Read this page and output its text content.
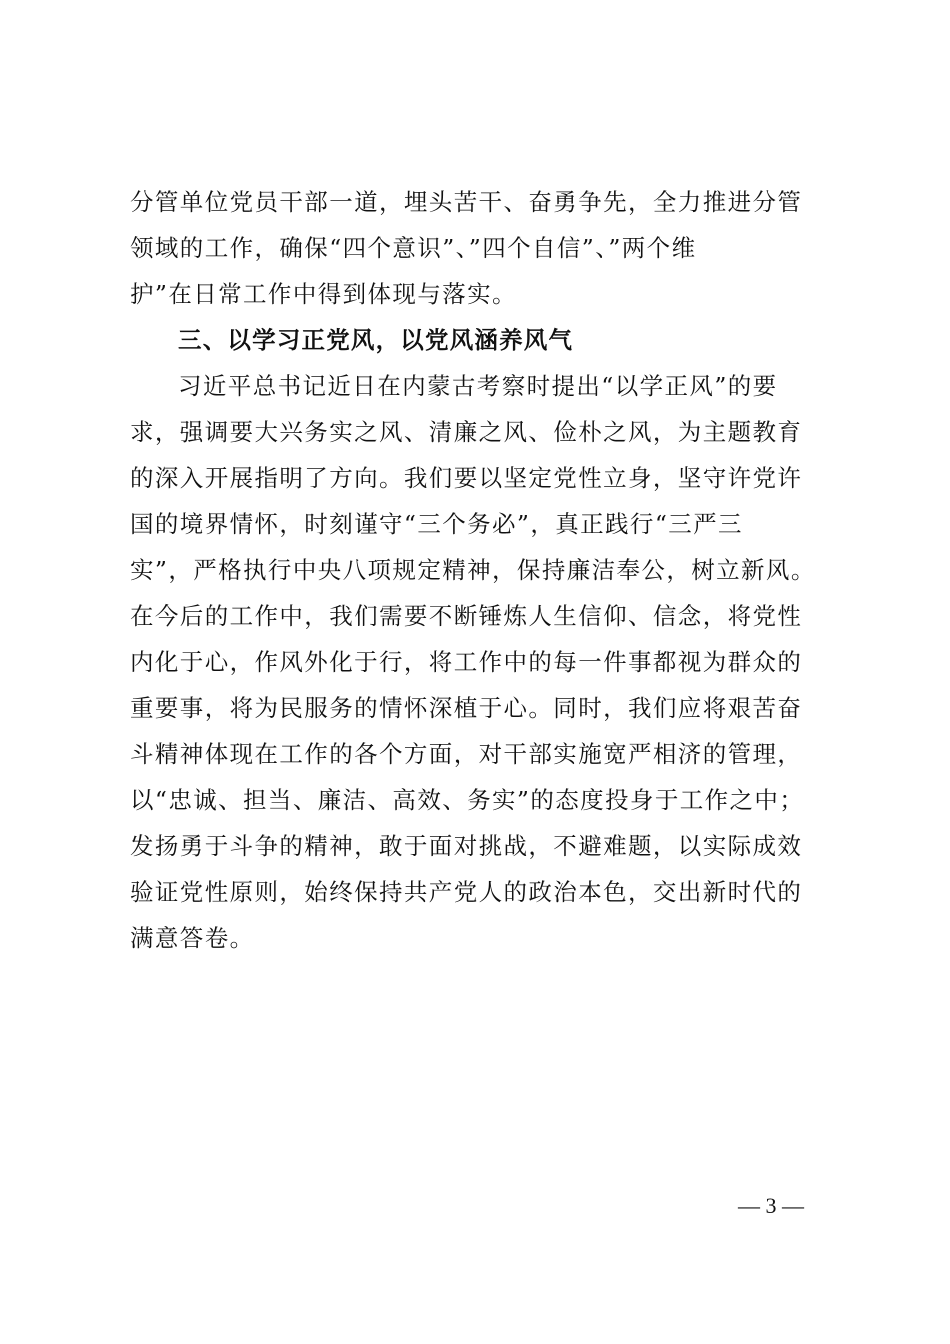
分管单位党员干部一道，埋头苦干、奋勇争先，全力推进分管
领域的工作，确保“四个意识”、”四个自信”、”两个维
护”在日常工作中得到体现与落实。
三、以学习正党风，以党风涵养风气
习近平总书记近日在内蒙古考察时提出“以学正风”的要
求，强调要大兴务实之风、清廉之风、俭朴之风，为主题教育
的深入开展指明了方向。我们要以坚定党性立身，坚守许党许
国的境界情怀，时刻谨守“三个务必”，真正践行“三严三
实”，严格执行中央八项规定精神，保持廉洁奉公，树立新风。
在今后的工作中，我们需要不断锤炼人生信仰、信念，将党性
内化于心，作风外化于行，将工作中的每一件事都视为群众的
重要事，将为民服务的情怀深植于心。同时，我们应将艰苦奋
斗精神体现在工作的各个方面，对干部实施宽严相济的管理，
以“忠诚、担当、廉洁、高效、务实”的态度投身于工作之中；
发扬勇于斗争的精神，敢于面对挑战，不避难题，以实际成效
验证党性原则，始终保持共产党人的政治本色，交出新时代的
满意答卷。
— 3 —
